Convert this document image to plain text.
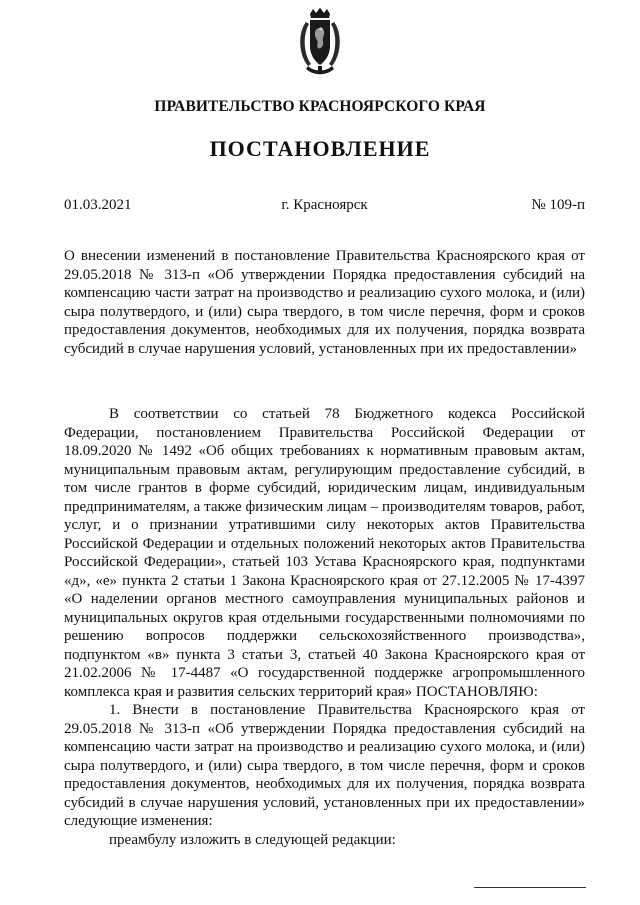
ПРАВИТЕЛЬСТВО КРАСНОЯРСКОГО КРАЯ
ПОСТАНОВЛЕНИЕ
01.03.2021	г. Красноярск	№ 109-п

О внесении изменений в постановление Правительства Красноярского края от 29.05.2018 № 313-п «Об утверждении Порядка предоставления субсидий на компенсацию части затрат на производство и реализацию сухого молока, и (или) сыра полутвердого, и (или) сыра твердого, в том числе перечня, форм и сроков предоставления документов, необходимых для их получения, порядка возврата субсидий в случае нарушения условий, установленных при их предоставлении»

В соответствии со статьей 78 Бюджетного кодекса Российской Федерации, постановлением Правительства Российской Федерации от 18.09.2020 № 1492 «Об общих требованиях к нормативным правовым актам, муниципальным правовым актам, регулирующим предоставление субсидий, в том числе грантов в форме субсидий, юридическим лицам, индивидуальным предпринимателям, а также физическим лицам – производителям товаров, работ, услуг, и о признании утратившими силу некоторых актов Правительства Российской Федерации и отдельных положений некоторых актов Правительства Российской Федерации», статьей 103 Устава Красноярского края, подпунктами «д», «е» пункта 2 статьи 1 Закона Красноярского края от 27.12.2005 № 17-4397 «О наделении органов местного самоуправления муниципальных районов и муниципальных округов края отдельными государственными полномочиями по решению вопросов поддержки сельскохозяйственного производства», подпунктом «в» пункта 3 статьи 3, статьей 40 Закона Красноярского края от 21.02.2006 № 17-4487 «О государственной поддержке агропромышленного комплекса края и развития сельских территорий края» ПОСТАНОВЛЯЮ:

1. Внести в постановление Правительства Красноярского края от 29.05.2018 № 313-п «Об утверждении Порядка предоставления субсидий на компенсацию части затрат на производство и реализацию сухого молока, и (или) сыра полутвердого, и (или) сыра твердого, в том числе перечня, форм и сроков предоставления документов, необходимых для их получения, порядка возврата субсидий в случае нарушения условий, установленных при их предоставлении» следующие изменения:

преамбулу изложить в следующей редакции:
